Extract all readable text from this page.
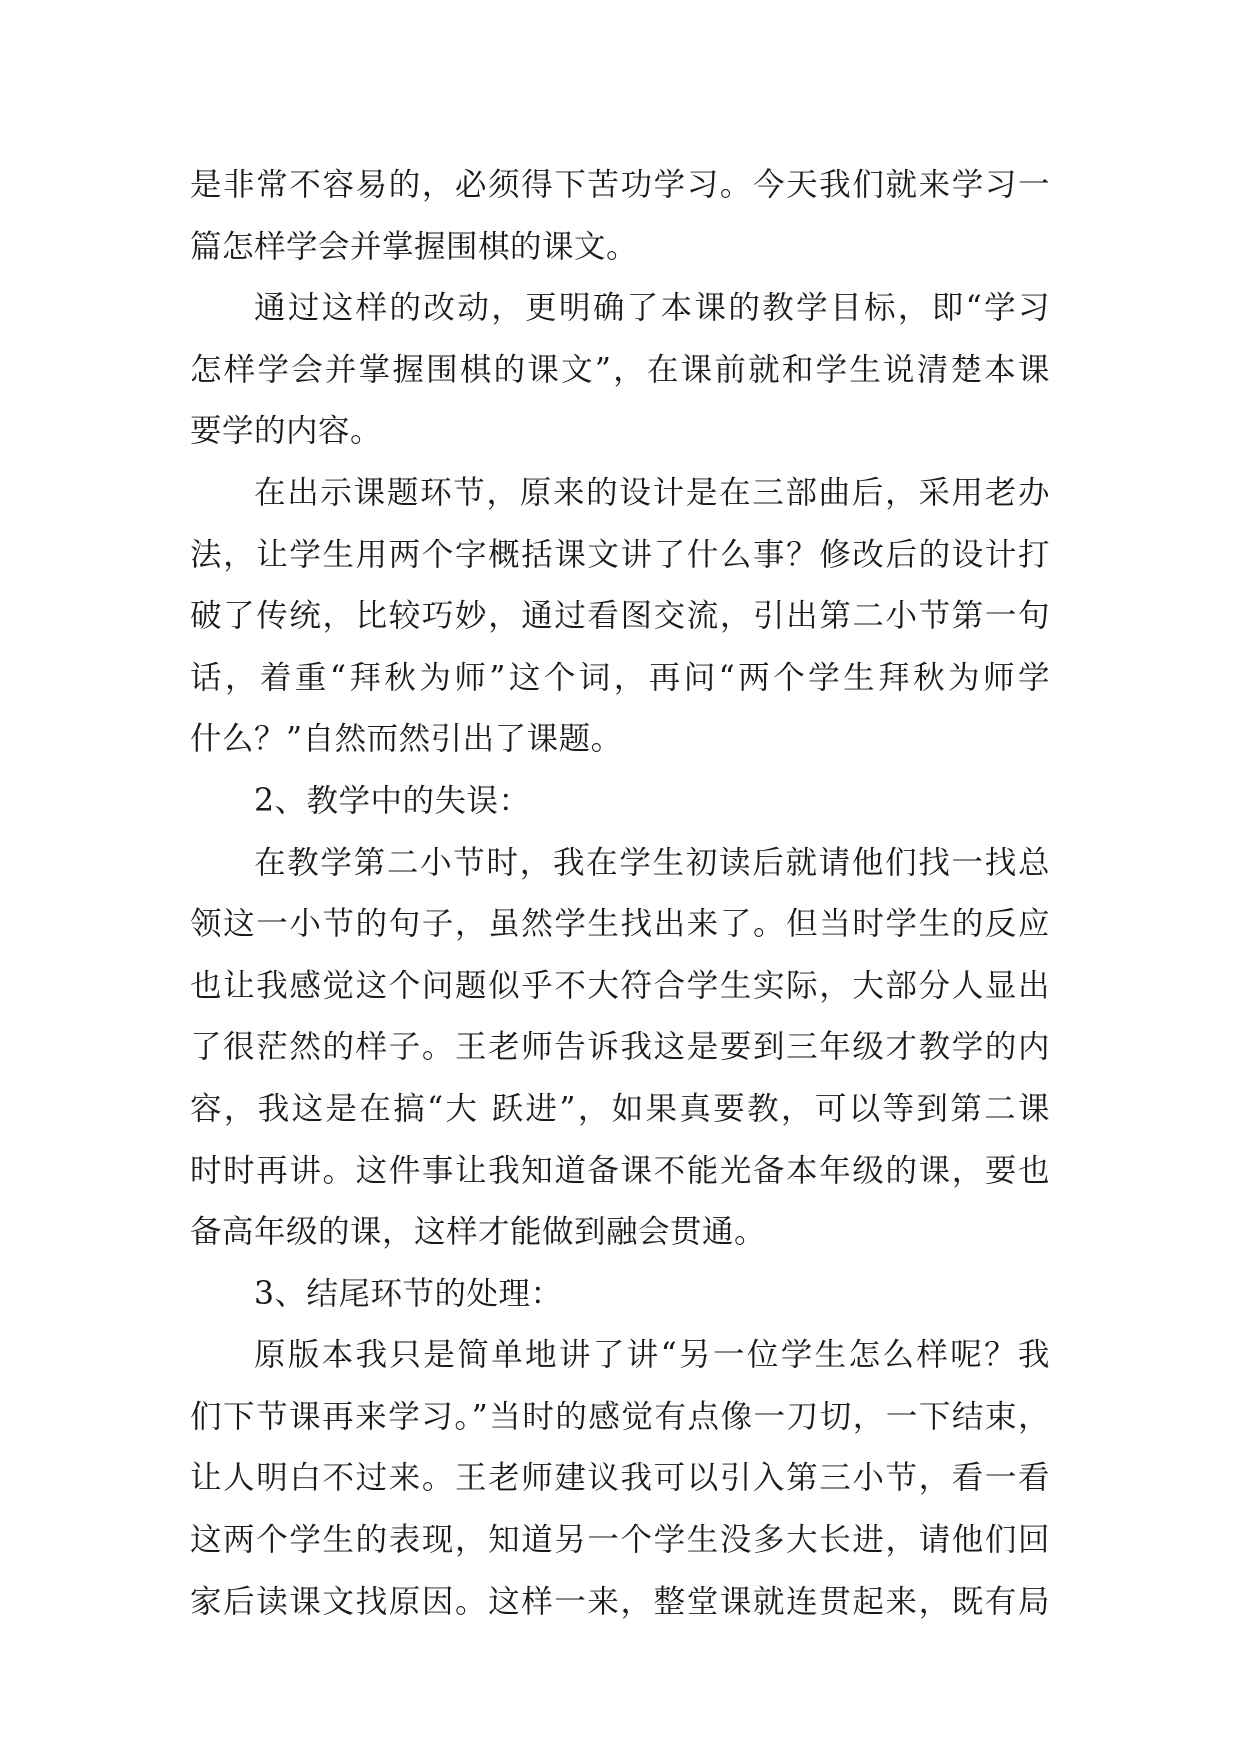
是非常不容易的，必须得下苦功学习。今天我们就来学习一
篇怎样学会并掌握围棋的课文。
通过这样的改动，更明确了本课的教学目标，即“学习
怎样学会并掌握围棋的课文”，在课前就和学生说清楚本课
要学的内容。
在出示课题环节，原来的设计是在三部曲后，采用老办
法，让学生用两个字概括课文讲了什么事？修改后的设计打
破了传统，比较巧妙，通过看图交流，引出第二小节第一句
话，着重“拜秋为师”这个词，再问“两个学生拜秋为师学
什么？”自然而然引出了课题。
2、教学中的失误：
在教学第二小节时，我在学生初读后就请他们找一找总
领这一小节的句子，虽然学生找出来了。但当时学生的反应
也让我感觉这个问题似乎不大符合学生实际，大部分人显出
了很茫然的样子。王老师告诉我这是要到三年级才教学的内
容，我这是在搞“大 跃进”，如果真要教，可以等到第二课
时时再讲。这件事让我知道备课不能光备本年级的课，要也
备高年级的课，这样才能做到融会贯通。
3、结尾环节的处理：
原版本我只是简单地讲了讲“另一位学生怎么样呢？我
们下节课再来学习。”当时的感觉有点像一刀切，一下结束，
让人明白不过来。王老师建议我可以引入第三小节，看一看
这两个学生的表现，知道另一个学生没多大长进，请他们回
家后读课文找原因。这样一来，整堂课就连贯起来，既有局
